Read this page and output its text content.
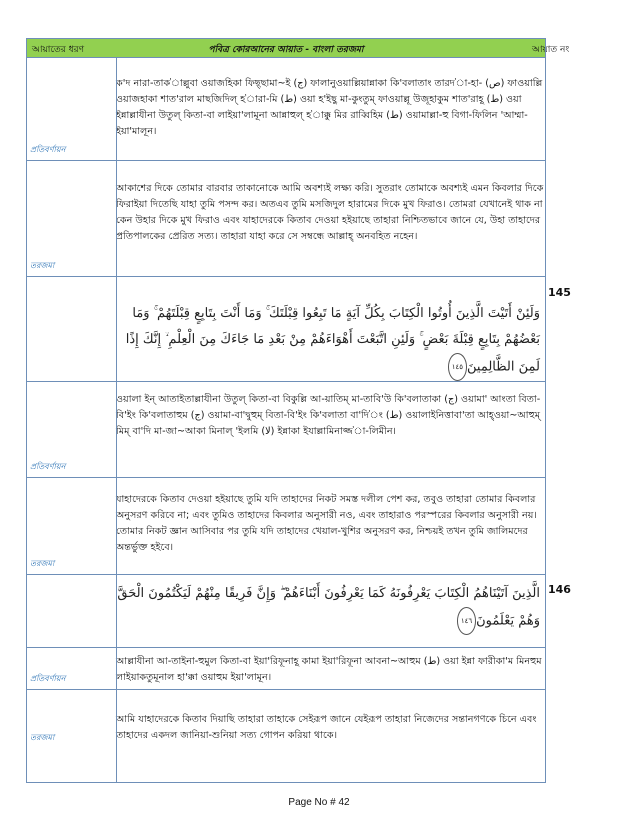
আয়াতের ধরণ	পবিত্র কোরআনের আয়াত - বাংলা তরজমা	আয়াত নং
প্রতিবর্ণায়ন
ক'দ নারা-তাক'াল্লুবা ওয়াজহিকা ফিছ্ছামা~ই (ج) ফালানুওয়াল্লিয়ান্নাকা কি'বলাতাং তারদ'া-হা- (ص) ফাওয়াল্লি ওয়াজহাকা শাত'রাল মাছজিদিল্ হ'ারা-মি (ط) ওয়া হ'ইছু মা-কুংতুম্ ফাওয়াল্লূ উজূহাকুম শাত'রাহূ (ط) ওয়া ইন্নাল্লাযীনা উতুল্ কিতা-বা লাইয়া'লামূনা আন্নাহুল্ হ'াক্কু মির রাব্বিহিম (ط) ওয়ামাল্লা-হু বিগা-ফিলিন 'আম্মা- ইয়া'মালূন।
তরজমা
আকাশের দিকে তোমার বারবার তাকানোকে আমি অবশ্যই লক্ষ্য করি। সুতরাং তোমাকে অবশ্যই এমন কিবলার দিকে ফিরাইয়া দিতেছি যাহা তুমি পসন্দ কর। অতএব তুমি মসজিদুল হারামের দিকে মুখ ফিরাও। তোমরা যেখানেই থাক না কেন উহার দিকে মুখ ফিরাও এবং যাহাদেরকে কিতাব দেওয়া হইয়াছে তাহারা নিশ্চিতভাবে জানে যে, উহা তাহাদের প্রতিপালকের প্রেরিত সত্য। তাহারা যাহা করে সে সম্বন্ধে আল্লাহ্ অনবহিত নহেন।
وَلَئِنْ أَتَيْتَ الَّذِينَ أُوتُوا الْكِتَابَ بِكُلِّ آيَةٍ مَا تَبِعُوا قِبْلَتَكَ ۚ وَمَا أَنْتَ بِتَابِعٍ قِبْلَتَهُمْ ۚ وَمَا بَعْضُهُمْ بِتَابِعٍ قِبْلَةَ بَعْضٍ ۚ وَلَئِنِ اتَّبَعْتَ أَهْوَاءَهُمْ مِنْ بَعْدِ مَا جَاءَكَ مِنَ الْعِلْمِ ۙ إِنَّكَ إِذًا لَمِنَ الظَّالِمِينَ١٤٥
145
প্রতিবর্ণায়ন
ওয়ালা ইন্ আতাইতাল্লাযীনা উতুল্ কিতা-বা বিকুল্লি আ-য়াতিম্ মা-তাবি'উ কি'বলাতাকা (ج) ওয়ামা' আংতা বিতা-বি'ইং কি'বলাতাহুম (ج) ওয়ামা-বা'দ্বুহুম্ বিতা-বি'ইং কি'বলাতা বা'দি'ং (ط) ওয়ালাইনিত্তাবা'তা আহ্ওয়া~আহুম্ মিম্ বা'দি মা-জা~আকা মিনাল্ 'ইলমি (لا) ইন্নাকা ইযাল্লামিনাজ্জ'া-লিমীন।
তরজমা
যাহাদেরকে কিতাব দেওয়া হইয়াছে তুমি যদি তাহাদের নিকট সমস্ত দলীল পেশ কর, তবুও তাহারা তোমার কিবলার অনুসরণ করিবে না; এবং তুমিও তাহাদের কিবলার অনুসারী নও, এবং তাহারাও পরস্পরের কিবলার অনুসারী নয়। তোমার নিকট জ্ঞান আসিবার পর তুমি যদি তাহাদের খেয়াল-খুশির অনুসরণ কর, নিশ্চয়ই তখন তুমি জালিমদের অন্তর্ভুক্ত হইবে।
الَّذِينَ آتَيْنَاهُمُ الْكِتَابَ يَعْرِفُونَهُ كَمَا يَعْرِفُونَ أَبْنَاءَهُمْ ۖ وَإِنَّ فَرِيقًا مِنْهُمْ لَيَكْتُمُونَ الْحَقَّ وَهُمْ يَعْلَمُونَ١٤٦
146
প্রতিবর্ণায়ন
আল্লাযীনা আ-তাইনা-হুমুল কিতা-বা ইয়া'রিফূনাহূ কামা ইয়া'রিফূনা আবনা~আহুম (ط) ওয়া ইন্না ফারীকা'ম মিনহুম লাইয়াকতুমূনাল হা'ক্কা ওয়াহুম ইয়া'লামূন।
তরজমা
আমি যাহাদেরকে কিতাব দিয়াছি তাহারা তাহাকে সেইরূপ জানে যেইরূপ তাহারা নিজেদের সন্তানগণকে চিনে এবং তাহাদের একদল জানিয়া-শুনিয়া সত্য গোপন করিয়া থাকে।
Page No # 42
